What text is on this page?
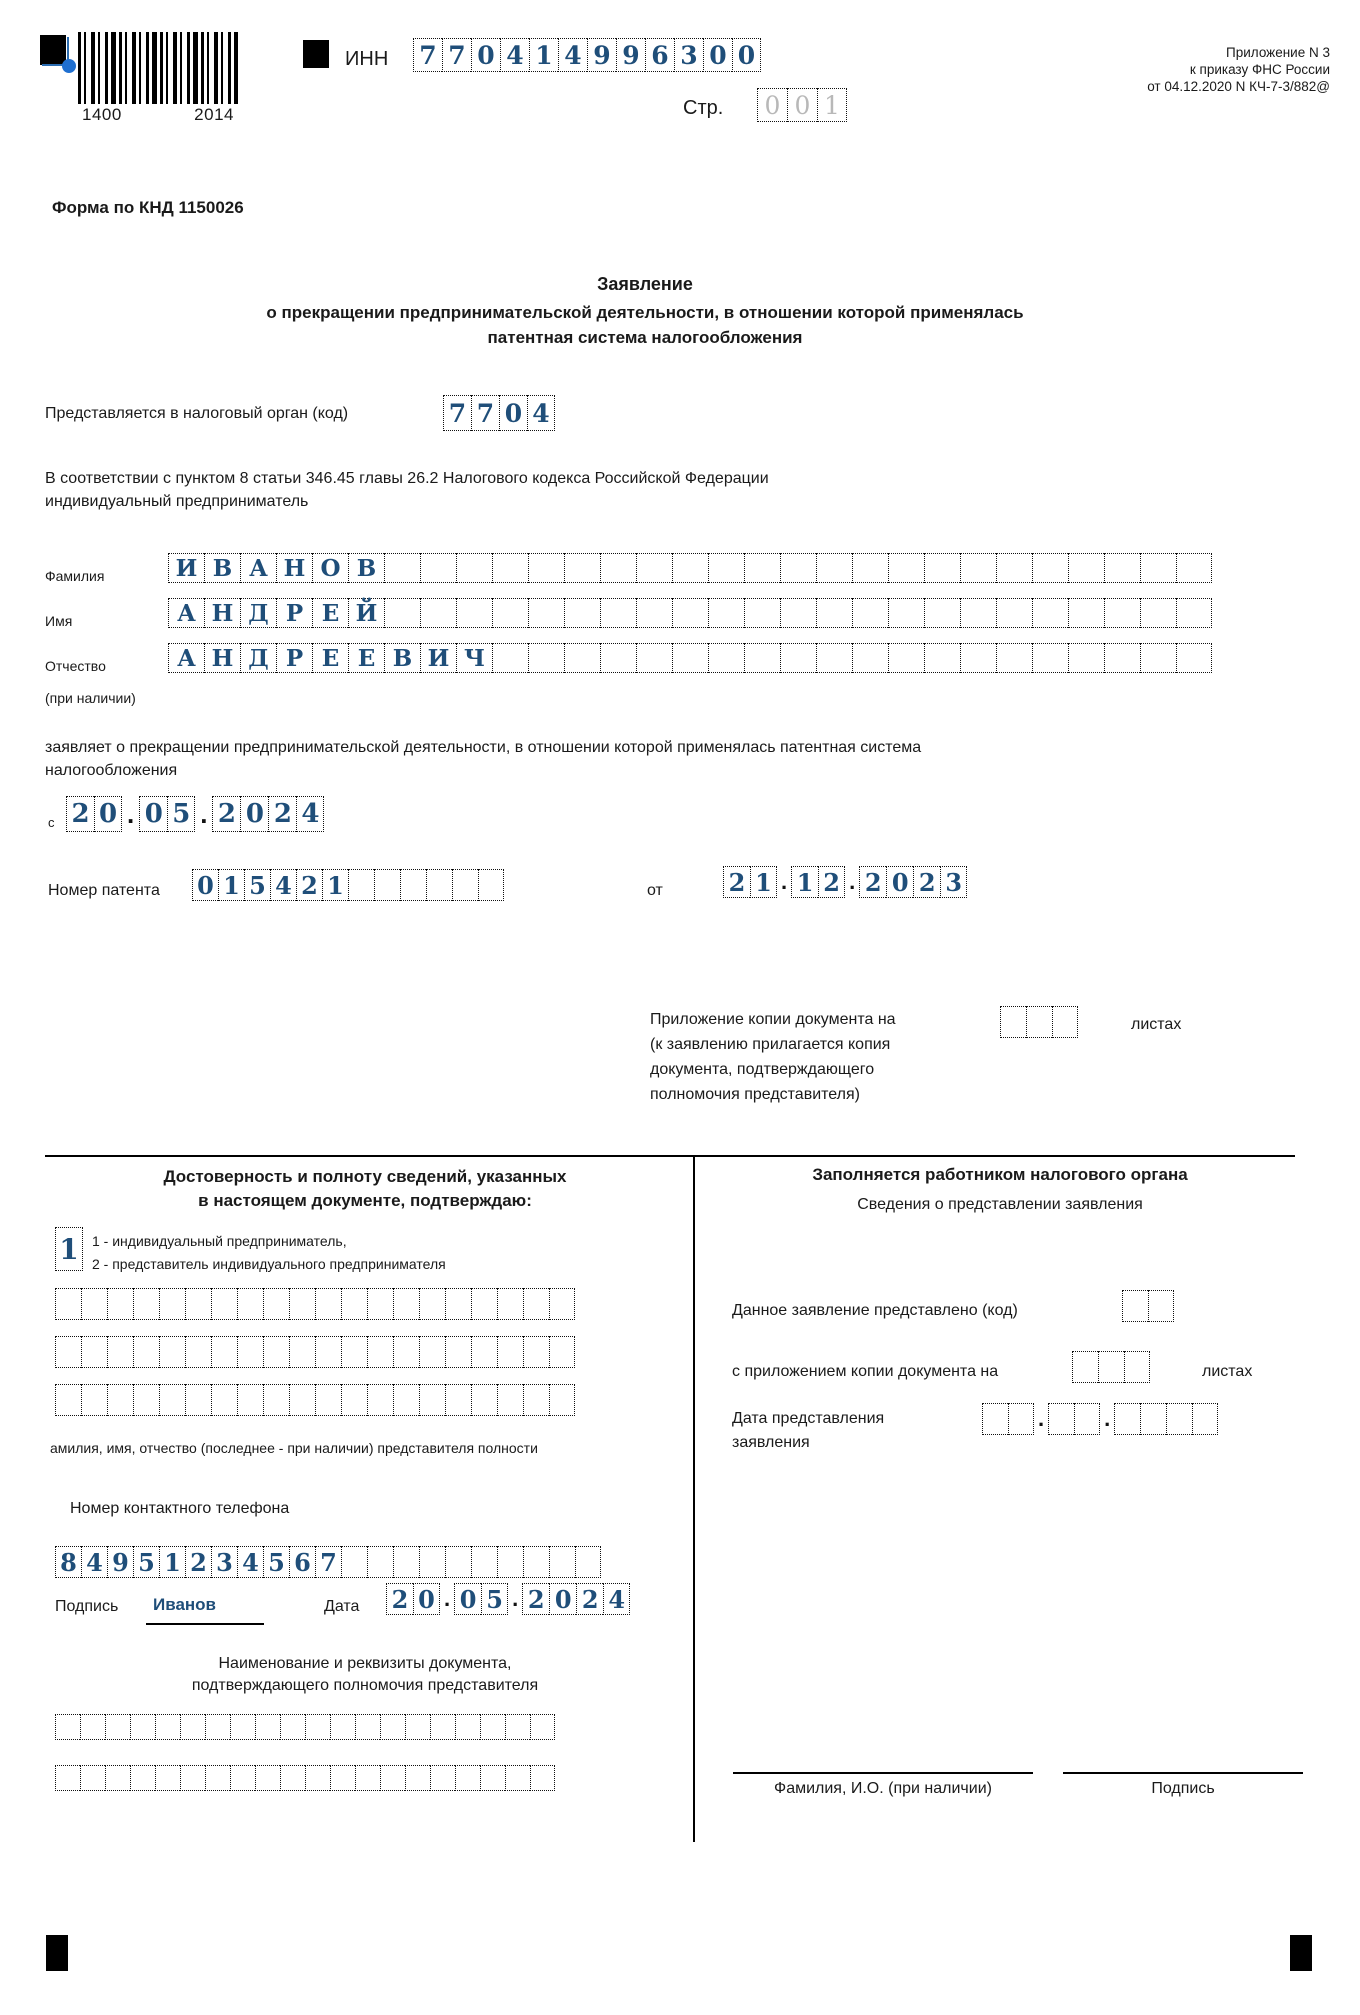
1400	2014
ИНН 7 7 0 4 1 4 9 9 6 3 0 0
Стр.	0 0 1
Приложение N 3
к приказу ФНС России
от 04.12.2020 N КЧ-7-3/882@
Форма по КНД 1150026
Заявление
о прекращении предпринимательской деятельности, в отношении которой применялась
патентная система налогообложения
Представляется в налоговый орган (код)	7 7 0 4
В соответствии с пунктом 8 статьи 346.45 главы 26.2 Налогового кодекса Российской Федерации
индивидуальный предприниматель
Фамилия	И В А Н О В
Имя	А Н Д Р Е Й
Отчество	А Н Д Р Е Е В И Ч
(при наличии)
заявляет о прекращении предпринимательской деятельности, в отношении которой применялась патентная система
налогообложения
с 2 0 . 0 5 . 2 0 2 4
Номер патента 0 1 5 4 2 1	от	2 1 . 1 2 . 2 0 2 3
Приложение копии документа на
(к заявлению прилагается копия
документа, подтверждающего
полномочия представителя)
листах
Достоверность и полноту сведений, указанных
в настоящем документе, подтверждаю:
1 1 - индивидуальный предприниматель,
2 - представитель индивидуального предпринимателя
амилия, имя, отчество (последнее - при наличии) представителя полности
Номер контактного телефона
8 4 9 5 1 2 3 4 5 6 7
Подпись Иванов	Дата 2 0 . 0 5 . 2 0 2 4
Наименование и реквизиты документа,
подтверждающего полномочия представителя
Заполняется работником налогового органа
Сведения о представлении заявления
Данное заявление представлено (код)
с приложением копии документа на	листах
Дата представления
заявления
.	.
Фамилия, И.О. (при наличии)	Подпись
